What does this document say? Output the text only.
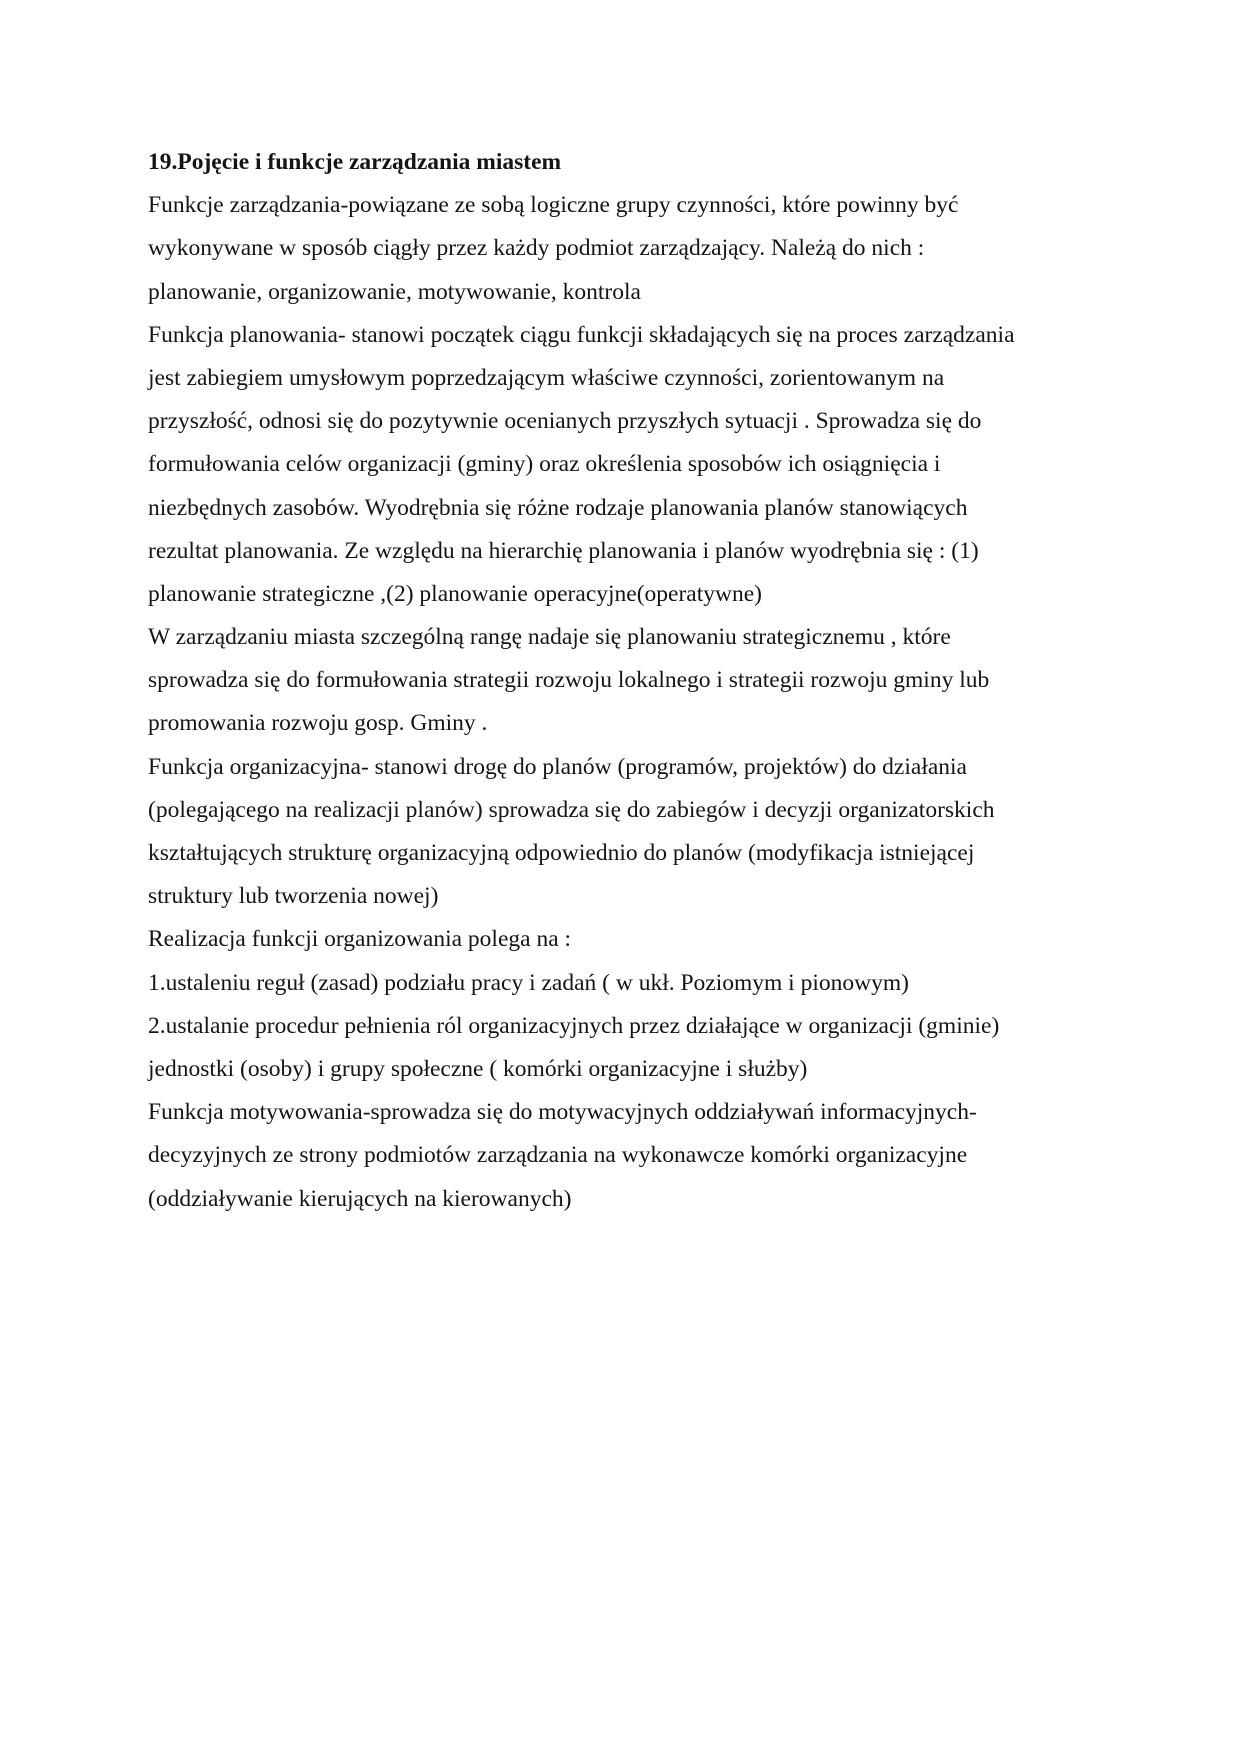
19.Pojęcie i funkcje zarządzania miastem
Funkcje zarządzania-powiązane ze sobą logiczne grupy czynności, które powinny być
wykonywane w sposób ciągły przez każdy podmiot zarządzający. Należą do nich :
planowanie, organizowanie, motywowanie, kontrola
Funkcja planowania- stanowi początek ciągu funkcji składających się na proces zarządzania
jest zabiegiem umysłowym poprzedzającym właściwe czynności, zorientowanym na
przyszłość, odnosi się do pozytywnie ocenianych przyszłych sytuacji . Sprowadza się do
formułowania celów organizacji (gminy) oraz określenia sposobów ich osiągnięcia i
niezbędnych zasobów. Wyodrębnia się różne rodzaje planowania planów stanowiących
rezultat planowania. Ze względu na hierarchię planowania i planów wyodrębnia się : (1)
planowanie strategiczne ,(2) planowanie operacyjne(operatywne)
W zarządzaniu miasta szczególną rangę nadaje się planowaniu strategicznemu , które
sprowadza się do formułowania strategii rozwoju lokalnego i strategii rozwoju gminy lub
promowania rozwoju gosp. Gminy .
Funkcja organizacyjna- stanowi drogę do planów (programów, projektów) do działania
(polegającego na realizacji planów) sprowadza się do zabiegów i decyzji organizatorskich
kształtujących strukturę organizacyjną odpowiednio do planów (modyfikacja istniejącej
struktury lub tworzenia nowej)
Realizacja funkcji organizowania polega na :
1.ustaleniu reguł (zasad) podziału pracy i zadań ( w ukł. Poziomym i pionowym)
2.ustalanie procedur pełnienia ról organizacyjnych przez działające w organizacji (gminie)
jednostki (osoby) i grupy społeczne ( komórki organizacyjne i służby)
Funkcja motywowania-sprowadza się do motywacyjnych oddziaływań informacyjnych-
decyzyjnych ze strony podmiotów zarządzania na wykonawcze komórki organizacyjne
(oddziaływanie kierujących na kierowanych)
